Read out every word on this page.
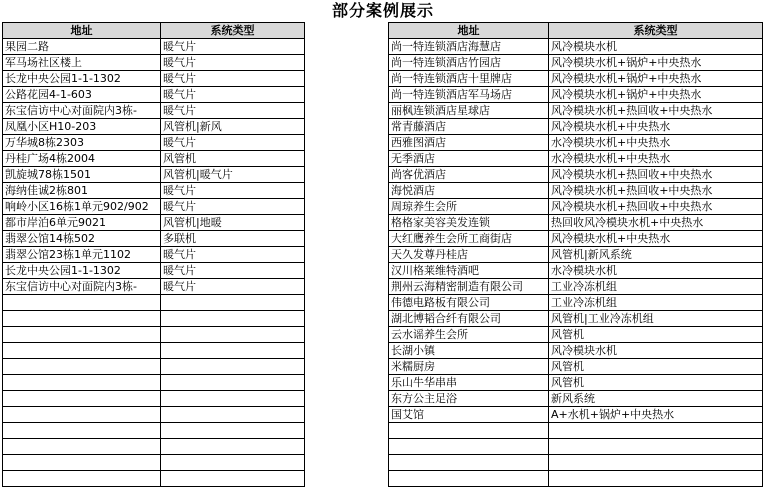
部分案例展示
地址	系统类型
果园二路	暖气片
军马场社区楼上	暖气片
长龙中央公园1-1-1302	暖气片
公路花园4-1-603	暖气片
东宝信访中心对面院内3栋-	暖气片
凤凰小区H10-203	风管机|新风
万华城8栋2303	暖气片
丹桂广场4栋2004	风管机
凯旋城78栋1501	风管机|暖气片
海纳佳诚2栋801	暖气片
响岭小区16栋1单元902/902	暖气片
都市岸泊6单元9021	风管机|地暖
翡翠公馆14栋502	多联机
翡翠公馆23栋1单元1102	暖气片
长龙中央公园1-1-1302	暖气片
东宝信访中心对面院内3栋-	暖气片

地址	系统类型
尚一特连锁酒店海慧店	风冷模块水机
尚一特连锁酒店竹园店	风冷模块水机+锅炉+中央热水
尚一特连锁酒店十里牌店	风冷模块水机+锅炉+中央热水
尚一特连锁酒店军马场店	风冷模块水机+锅炉+中央热水
丽枫连锁酒店星球店	风冷模块水机+热回收+中央热水
常青藤酒店	风冷模块水机+中央热水
西雅图酒店	水冷模块水机+中央热水
无季酒店	水冷模块水机+中央热水
尚客优酒店	风冷模块水机+热回收+中央热水
海悦酒店	风冷模块水机+热回收+中央热水
周琼养生会所	风冷模块水机+热回收+中央热水
格格家美容美发连锁	热回收风冷模块水机+中央热水
大红鹰养生会所工商街店	风冷模块水机+中央热水
天久发尊丹桂店	风管机|新风系统
汉川格莱维特酒吧	水冷模块水机
荆州云海精密制造有限公司	工业冷冻机组
伟德电路板有限公司	工业冷冻机组
湖北博韬合纤有限公司	风管机|工业冷冻机组
云水谣养生会所	风管机
长湖小镇	风冷模块水机
米糯厨房	风管机
乐山牛华串串	风管机
东方公主足浴	新风系统
国艾馆	A+水机+锅炉+中央热水
